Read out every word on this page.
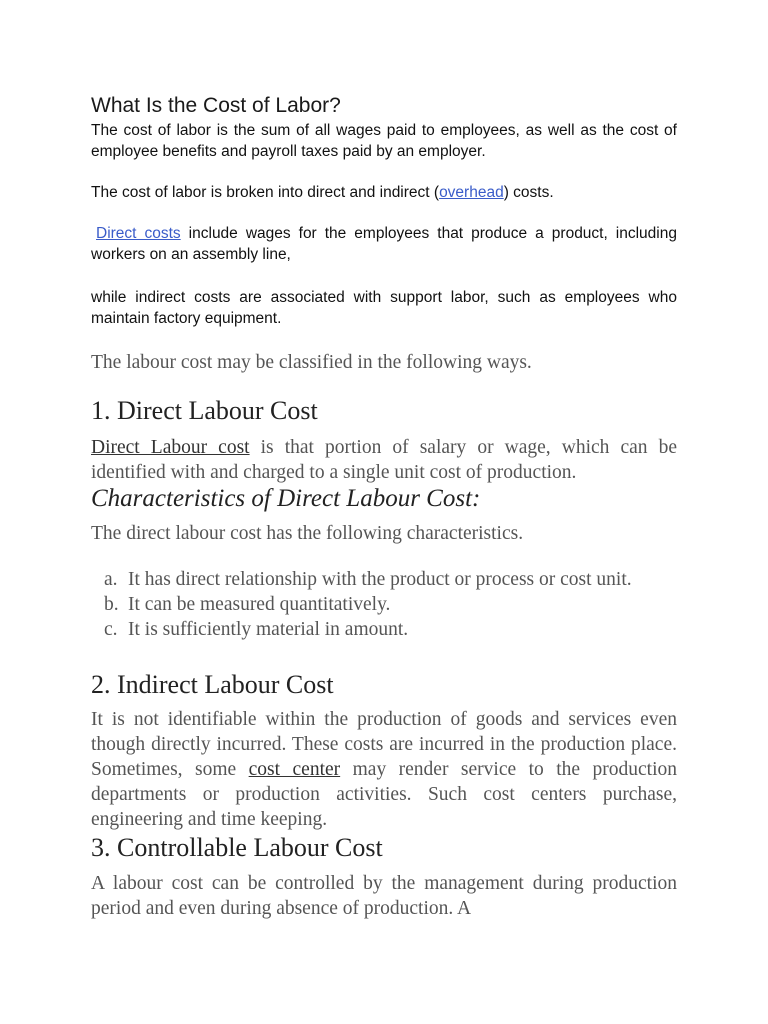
What Is the Cost of Labor?
The cost of labor is the sum of all wages paid to employees, as well as the cost of employee benefits and payroll taxes paid by an employer.
The cost of labor is broken into direct and indirect (overhead) costs.
Direct costs include wages for the employees that produce a product, including workers on an assembly line,
while indirect costs are associated with support labor, such as employees who maintain factory equipment.
The labour cost may be classified in the following ways.
1. Direct Labour Cost
Direct Labour cost is that portion of salary or wage, which can be identified with and charged to a single unit cost of production.
Characteristics of Direct Labour Cost:
The direct labour cost has the following characteristics.
a. It has direct relationship with the product or process or cost unit.
b. It can be measured quantitatively.
c. It is sufficiently material in amount.
2. Indirect Labour Cost
It is not identifiable within the production of goods and services even though directly incurred. These costs are incurred in the production place. Sometimes, some cost center may render service to the production departments or production activities. Such cost centers purchase, engineering and time keeping.
3. Controllable Labour Cost
A labour cost can be controlled by the management during production period and even during absence of production. A
